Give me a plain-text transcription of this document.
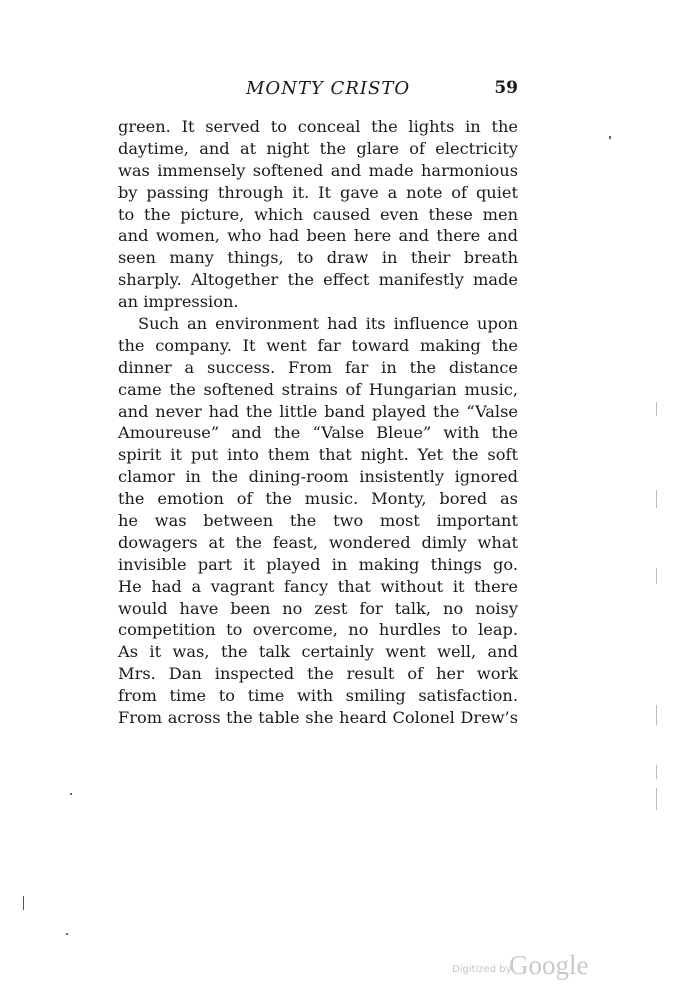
MONTY CRISTO	59
green. It served to conceal the lights in the
daytime, and at night the glare of electricity
was immensely softened and made harmonious
by passing through it. It gave a note of quiet
to the picture, which caused even these men
and women, who had been here and there and
seen many things, to draw in their breath
sharply. Altogether the effect manifestly made
an impression.
Such an environment had its influence upon
the company. It went far toward making the
dinner a success. From far in the distance
came the softened strains of Hungarian music,
and never had the little band played the “Valse
Amoureuse” and the “Valse Bleue” with the
spirit it put into them that night. Yet the soft
clamor in the dining-room insistently ignored
the emotion of the music. Monty, bored as
he was between the two most important
dowagers at the feast, wondered dimly what
invisible part it played in making things go.
He had a vagrant fancy that without it there
would have been no zest for talk, no noisy
competition to overcome, no hurdles to leap.
As it was, the talk certainly went well, and
Mrs. Dan inspected the result of her work
from time to time with smiling satisfaction.
From across the table she heard Colonel Drew’s
Digitized by
Google
